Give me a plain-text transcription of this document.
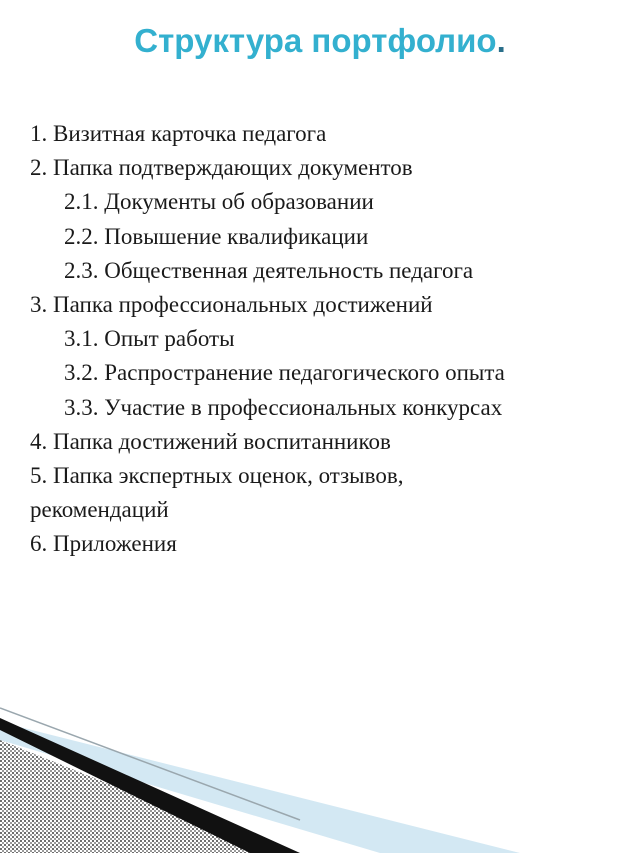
Структура портфолио.
1. Визитная карточка педагога
2. Папка подтверждающих документов
2.1. Документы об образовании
2.2. Повышение квалификации
2.3. Общественная деятельность педагога
3. Папка профессиональных достижений
3.1. Опыт работы
3.2. Распространение педагогического опыта
3.3. Участие в профессиональных конкурсах
4. Папка достижений воспитанников
5. Папка экспертных оценок, отзывов, рекомендаций
6. Приложения
